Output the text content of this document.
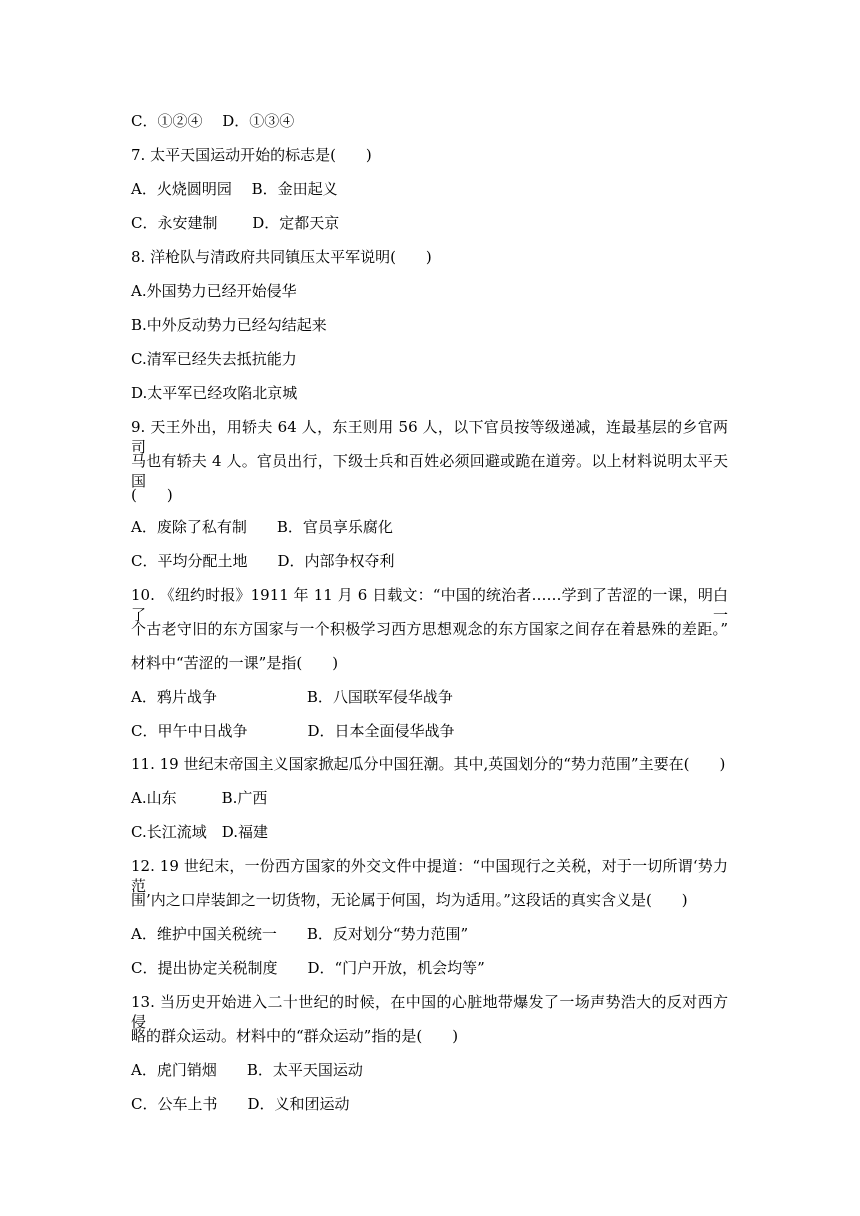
C．①②④　 D．①③④
7. 太平天国运动开始的标志是(　　)
A．火烧圆明园　 B．金田起义
C．永安建制　　 D．定都天京
8. 洋枪队与清政府共同镇压太平军说明(　　)
A.外国势力已经开始侵华
B.中外反动势力已经勾结起来
C.清军已经失去抵抗能力
D.太平军已经攻陷北京城
9. 天王外出，用轿夫 64 人，东王则用 56 人，以下官员按等级递减，连最基层的乡官两司
马也有轿夫 4 人。官员出行，下级士兵和百姓必须回避或跪在道旁。以上材料说明太平天国
(　　)
A．废除了私有制　　B．官员享乐腐化
C．平均分配土地　　D．内部争权夺利
10. 《纽约时报》1911 年 11 月 6 日载文：“中国的统治者……学到了苦涩的一课，明白了一
个古老守旧的东方国家与一个积极学习西方思想观念的东方国家之间存在着悬殊的差距。”
材料中“苦涩的一课”是指(　　)
A．鸦片战争　　　　　　B．八国联军侵华战争
C．甲午中日战争　　　　D．日本全面侵华战争
11. 19 世纪末帝国主义国家掀起瓜分中国狂潮。其中,英国划分的“势力范围”主要在(　　)
A.山东　　　B.广西
C.长江流域　D.福建
12. 19 世纪末，一份西方国家的外交文件中提道：“中国现行之关税，对于一切所谓‘势力范
围’内之口岸装卸之一切货物，无论属于何国，均为适用。”这段话的真实含义是(　　)
A．维护中国关税统一　　B．反对划分“势力范围”
C．提出协定关税制度　　D．“门户开放，机会均等”
13. 当历史开始进入二十世纪的时候，在中国的心脏地带爆发了一场声势浩大的反对西方侵
略的群众运动。材料中的“群众运动”指的是(　　)
A．虎门销烟　　B．太平天国运动
C．公车上书　　D．义和团运动
